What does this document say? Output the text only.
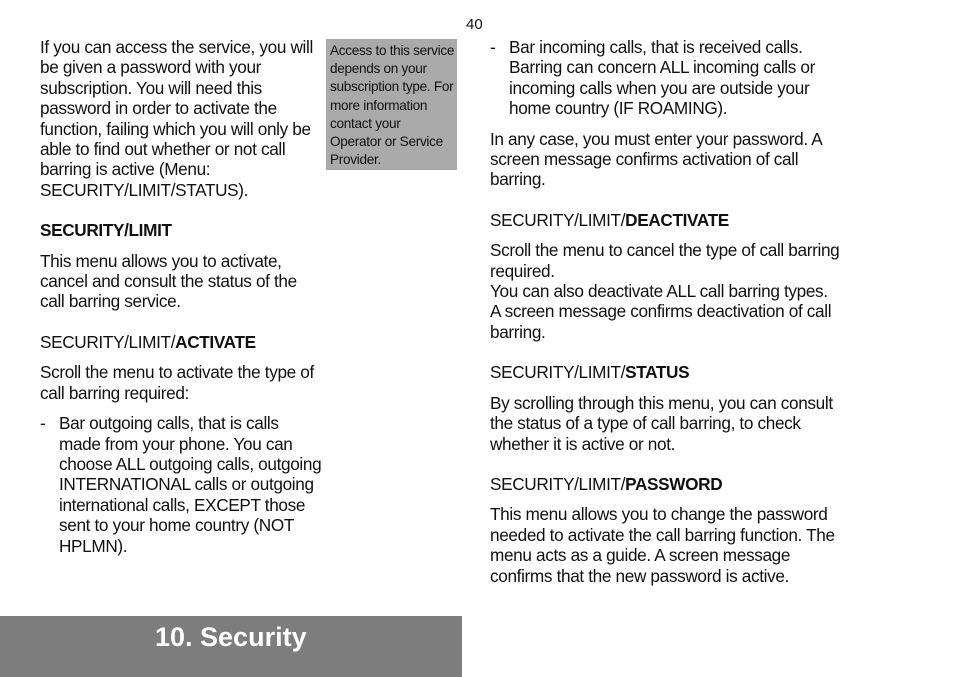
40

If you can access the service, you will be given a password with your subscription. You will need this password in order to activate the function, failing which you will only be able to find out whether or not call barring is active (Menu: SECURITY/LIMIT/STATUS).

SECURITY/LIMIT

This menu allows you to activate, cancel and consult the status of the call barring service.

SECURITY/LIMIT/ACTIVATE

Scroll the menu to activate the type of call barring required:

- Bar outgoing calls, that is calls made from your phone. You can choose ALL outgoing calls, outgoing INTERNATIONAL calls or outgoing international calls, EXCEPT those sent to your home country (NOT HPLMN).
Access to this service depends on your subscription type. For more information contact your Operator or Service Provider.
- Bar incoming calls, that is received calls. Barring can concern ALL incoming calls or incoming calls when you are outside your home country (IF ROAMING).

In any case, you must enter your password. A screen message confirms activation of call barring.

SECURITY/LIMIT/DEACTIVATE

Scroll the menu to cancel the type of call barring required.

You can also deactivate ALL call barring types.

A screen message confirms deactivation of call barring.

SECURITY/LIMIT/STATUS

By scrolling through this menu, you can consult the status of a type of call barring, to check whether it is active or not.

SECURITY/LIMIT/PASSWORD

This menu allows you to change the password needed to activate the call barring function. The menu acts as a guide. A screen message confirms that the new password is active.

10. Security
